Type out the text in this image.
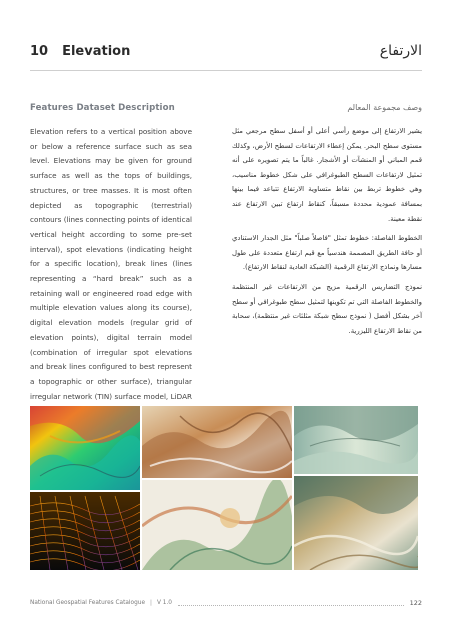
10 Elevation	الارتفاع
Features Dataset Description
Elevation refers to a vertical position above or below a reference surface such as sea level. Elevations may be given for ground surface as well as the tops of buildings, structures, or tree masses. It is most often depicted as topographic (terrestrial) contours (lines connecting points of identical vertical height according to some pre-set interval), spot elevations (indicating height for a specific location), break lines (lines representing a “hard break” such as a retaining wall or engineered road edge with multiple elevation values along its course), digital elevation models (regular grid of elevation points), digital terrain model (combination of irregular spot elevations and break lines configured to best represent a topographic or other surface), triangular irregular network (TIN) surface model, LiDAR
وصف مجموعة المعالم

يشير الارتفاع إلى موضع رأسي أعلى أو أسفل سطح مرجعي مثل مستوى سطح البحر. يمكن إعطاء الارتفاعات لسطح الأرض، وكذلك قمم المباني أو المنشآت أو الأشجار. غالباً ما يتم تصويره على أنه تمثيل لارتفاعات السطح الطبوغرافي على شكل خطوط مناسيب، وهي خطوط تربط بين نقاط متساوية الارتفاع تتباعد فيما بينها بمسافة عمودية محددة مسبقاً، كنقاط ارتفاع تبين الارتفاع عند نقطة معينة.

الخطوط الفاصلة: خطوط تمثل "فاصلاً صلباً" مثل الجدار الاستنادي أو حافة الطريق المصممة هندسياً مع قيم ارتفاع متعددة على طول مسارها ونماذج الارتفاع الرقمية (الشبكة العادية لنقاط الارتفاع).

نموذج التضاريس الرقمية مزيج من الارتفاعات غير المنتظمة والخطوط الفاصلة التي تم تكوينها لتمثيل سطح طبوغرافي أو سطح آخر بشكل أفضل ( نموذج سطح شبكة مثلثات غير منتظمة)، سحابة من نقاط الارتفاع الليزرية.

National Geospatial Features Catalogue | V 1.0	122
